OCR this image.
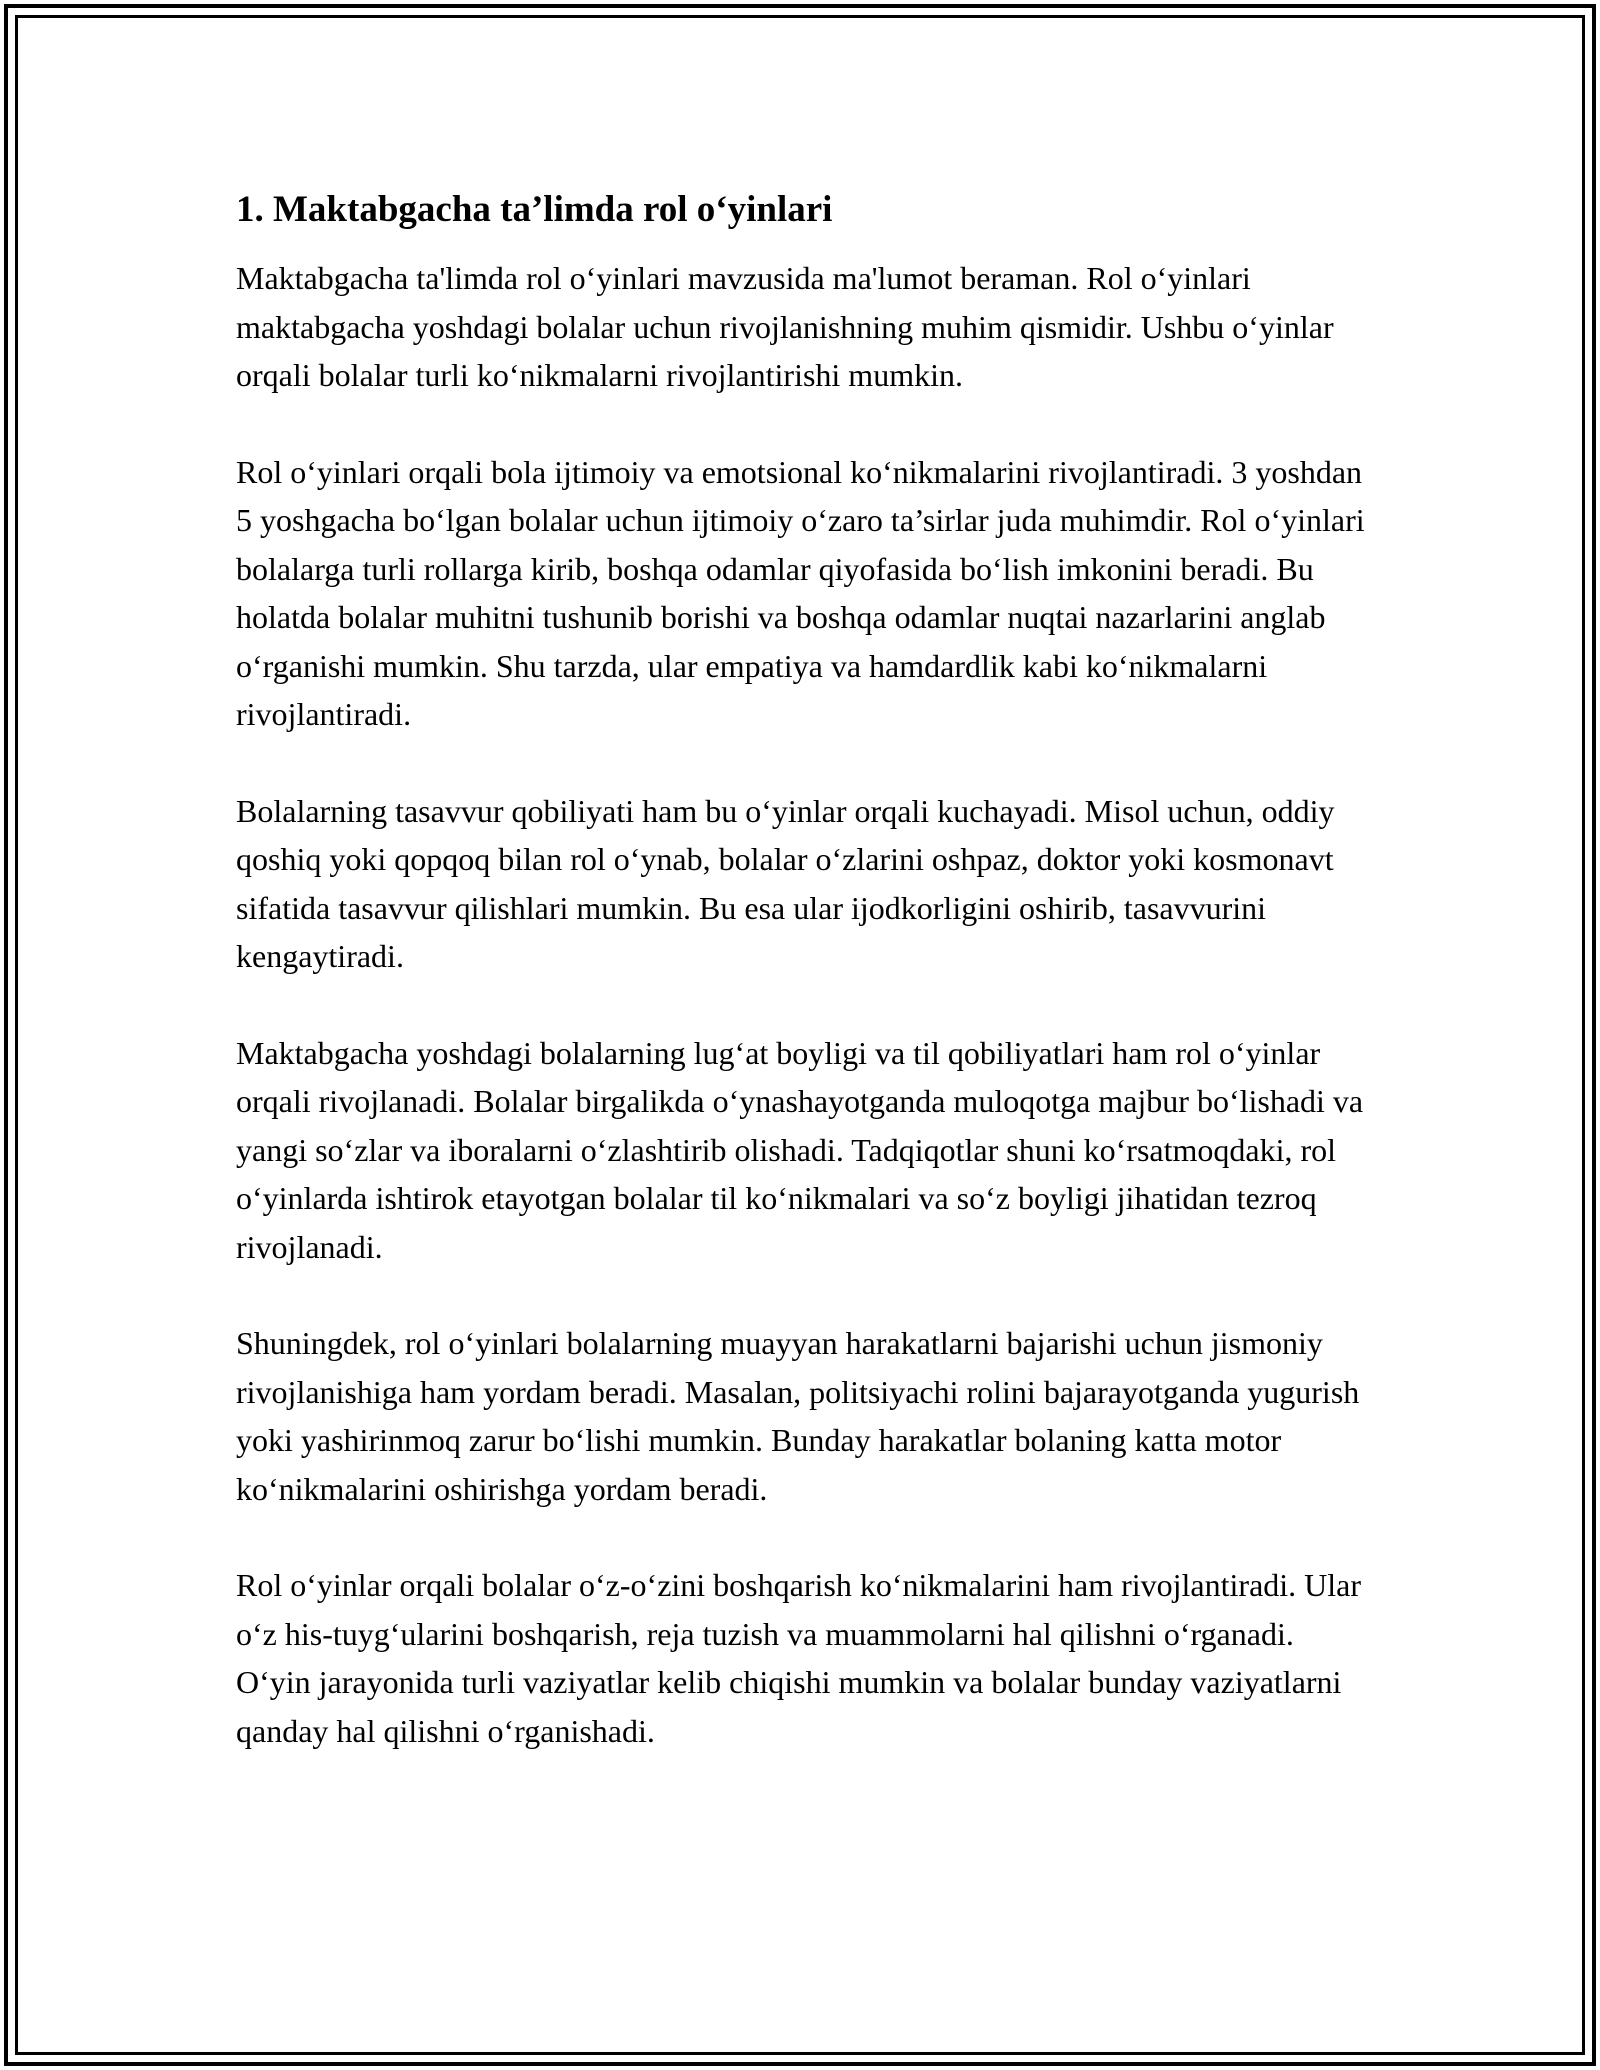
1. Maktabgacha ta’limda rol o‘yinlari

Maktabgacha ta'limda rol o‘yinlari mavzusida ma'lumot beraman. Rol o‘yinlari maktabgacha yoshdagi bolalar uchun rivojlanishning muhim qismidir. Ushbu o‘yinlar orqali bolalar turli ko‘nikmalarni rivojlantirishi mumkin.

Rol o‘yinlari orqali bola ijtimoiy va emotsional ko‘nikmalarini rivojlantiradi. 3 yoshdan 5 yoshgacha bo‘lgan bolalar uchun ijtimoiy o‘zaro ta’sirlar juda muhimdir. Rol o‘yinlari bolalarga turli rollarga kirib, boshqa odamlar qiyofasida bo‘lish imkonini beradi. Bu holatda bolalar muhitni tushunib borishi va boshqa odamlar nuqtai nazarlarini anglab o‘rganishi mumkin. Shu tarzda, ular empatiya va hamdardlik kabi ko‘nikmalarni rivojlantiradi.

Bolalarning tasavvur qobiliyati ham bu o‘yinlar orqali kuchayadi. Misol uchun, oddiy qoshiq yoki qopqoq bilan rol o‘ynab, bolalar o‘zlarini oshpaz, doktor yoki kosmonavt sifatida tasavvur qilishlari mumkin. Bu esa ular ijodkorligini oshirib, tasavvurini kengaytiradi.

Maktabgacha yoshdagi bolalarning lug‘at boyligi va til qobiliyatlari ham rol o‘yinlar orqali rivojlanadi. Bolalar birgalikda o‘ynashayotganda muloqotga majbur bo‘lishadi va yangi so‘zlar va iboralarni o‘zlashtirib olishadi. Tadqiqotlar shuni ko‘rsatmoqdaki, rol o‘yinlarda ishtirok etayotgan bolalar til ko‘nikmalari va so‘z boyligi jihatidan tezroq rivojlanadi.

Shuningdek, rol o‘yinlari bolalarning muayyan harakatlarni bajarishi uchun jismoniy rivojlanishiga ham yordam beradi. Masalan, politsiyachi rolini bajarayotganda yugurish yoki yashirinmoq zarur bo‘lishi mumkin. Bunday harakatlar bolaning katta motor ko‘nikmalarini oshirishga yordam beradi.

Rol o‘yinlar orqali bolalar o‘z-o‘zini boshqarish ko‘nikmalarini ham rivojlantiradi. Ular o‘z his-tuyg‘ularini boshqarish, reja tuzish va muammolarni hal qilishni o‘rganadi. O‘yin jarayonida turli vaziyatlar kelib chiqishi mumkin va bolalar bunday vaziyatlarni qanday hal qilishni o‘rganishadi.
